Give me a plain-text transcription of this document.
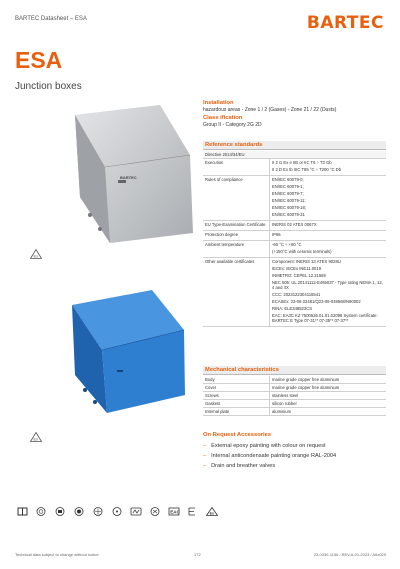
BARTEC Datasheet – ESA	BARTEC
ESA
Junction boxes
BARTEC
Ex
Ex
Installation
hazardous areas - Zone 1 / 2 (Gases) - Zone 21 / 22 (Dusts)
Class ification
Group II - Category 2G 2D
Reference standards
Directive 2014/34/EU
Execution	II 2 G Ex e IIB or IIC T6 ÷ T3 Gb
II 2 D Ex tb IIIC T85 °C ÷ T200 °C Db
Rules of compliance	EN/IEC 60079-0;
EN/IEC 60079-1;
EN/IEC 60079-7;
EN/IEC 60079-11;
EN/IEC 60079-18;
EN/IEC 60079-31
EU Type-Examination Certificate	INERIS 02 ATEX 0067X
Protection degree	IP66
Ambient temperature	-60 °C ÷ +60 °C
(+150°C with ceramic terminals)
Other available certificates	Component: INERIS 13 ATEX 9028U
IECEx: IECEx INE11.0019
INMETRO: CEPEL 12.21589
NEC 505: UL 20141112-E465037 - Type rating NEMA 1, 12, 4 and 4X
CCC: 2023122304116541
ECASEx: 23-06-22481/Q23-06-048568/N90002
RINA: ELE348823CS
EAC: EA3C KZ 7500526.01.01.02098 System certificate: BARTEC E Type 07-31** 07-35** 07-37**
Mechanical characteristics
Body	marine grade copper free aluminium
Cover	marine grade copper free aluminium
Screws	stainless steel
Gaskets	silicon rubber
Internal plate	aluminium
On Request Accessories
– External epoxy painting with colour on request
– Internal anticondensate painting orange RAL-2004
– Drain and breather valves
EAC	Ex
Technical data subject to change without notice.	172	23-0330-1156 / REV.A-01-2023 / A6x029
